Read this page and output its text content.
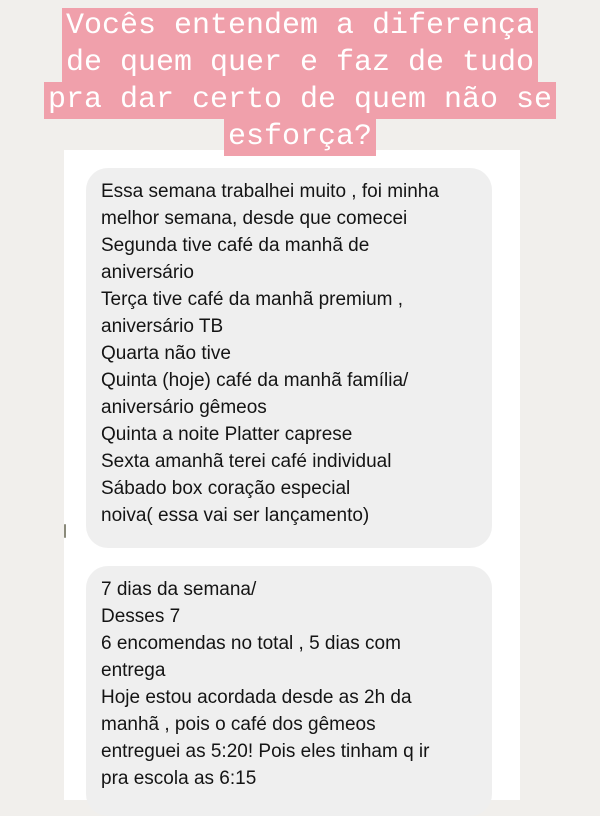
Vocês entendem a diferença
de quem quer e faz de tudo
pra dar certo de quem não se
esforça?
Essa semana trabalhei muito , foi minha
melhor semana, desde que comecei
Segunda tive café da manhã de
aniversário
Terça tive café da manhã premium ,
aniversário TB
Quarta não tive
Quinta (hoje) café da manhã família/
aniversário gêmeos
Quinta a noite Platter caprese
Sexta amanhã terei café individual
Sábado box coração especial
noiva( essa vai ser lançamento)
7 dias da semana/
Desses 7
6 encomendas no total , 5 dias com
entrega
Hoje estou acordada desde as 2h da
manhã , pois o café dos gêmeos
entreguei as 5:20! Pois eles tinham q ir
pra escola as 6:15
